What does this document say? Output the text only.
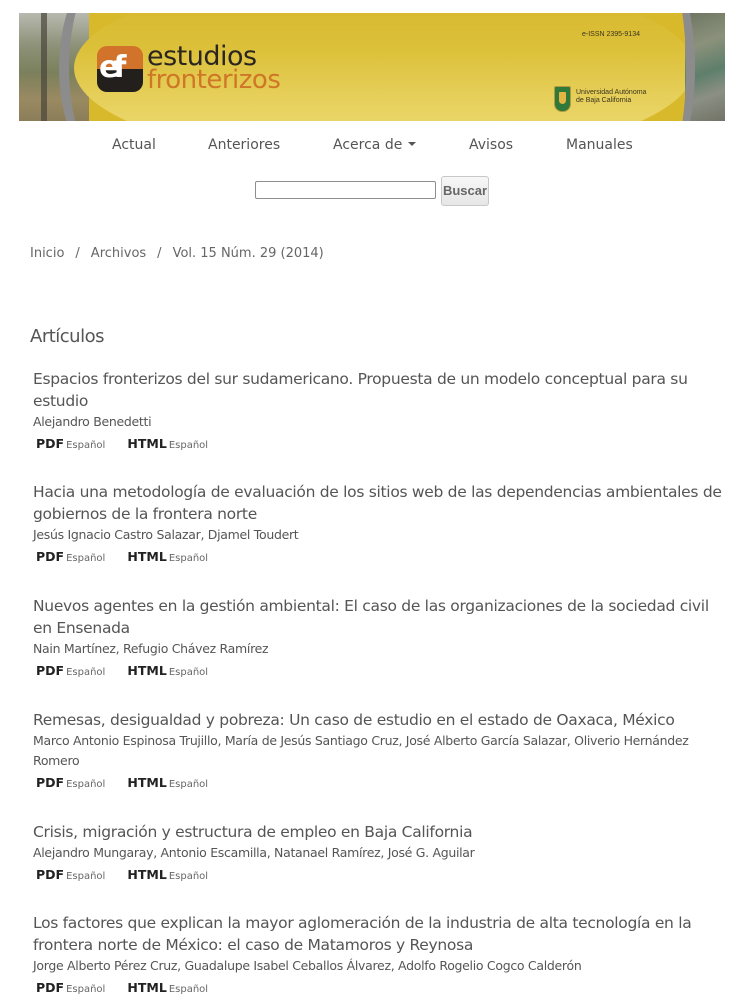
ef estudios
fronterizos
e-ISSN 2395-9134
Universidad Autónoma
de Baja California
Actual	Anteriores	Acerca de	Avisos	Manuales
Buscar
Inicio / Archivos / Vol. 15 Núm. 29 (2014)
Artículos
Espacios fronterizos del sur sudamericano. Propuesta de un modelo conceptual para su estudio
Alejandro Benedetti
PDF Español HTML Español
Hacia una metodología de evaluación de los sitios web de las dependencias ambientales de gobiernos de la frontera norte
Jesús Ignacio Castro Salazar, Djamel Toudert
PDF Español HTML Español
Nuevos agentes en la gestión ambiental: El caso de las organizaciones de la sociedad civil en Ensenada
Nain Martínez, Refugio Chávez Ramírez
PDF Español HTML Español
Remesas, desigualdad y pobreza: Un caso de estudio en el estado de Oaxaca, México
Marco Antonio Espinosa Trujillo, María de Jesús Santiago Cruz, José Alberto García Salazar, Oliverio Hernández Romero
PDF Español HTML Español
Crisis, migración y estructura de empleo en Baja California
Alejandro Mungaray, Antonio Escamilla, Natanael Ramírez, José G. Aguilar
PDF Español HTML Español
Los factores que explican la mayor aglomeración de la industria de alta tecnología en la frontera norte de México: el caso de Matamoros y Reynosa
Jorge Alberto Pérez Cruz, Guadalupe Isabel Ceballos Álvarez, Adolfo Rogelio Cogco Calderón
PDF Español HTML Español
